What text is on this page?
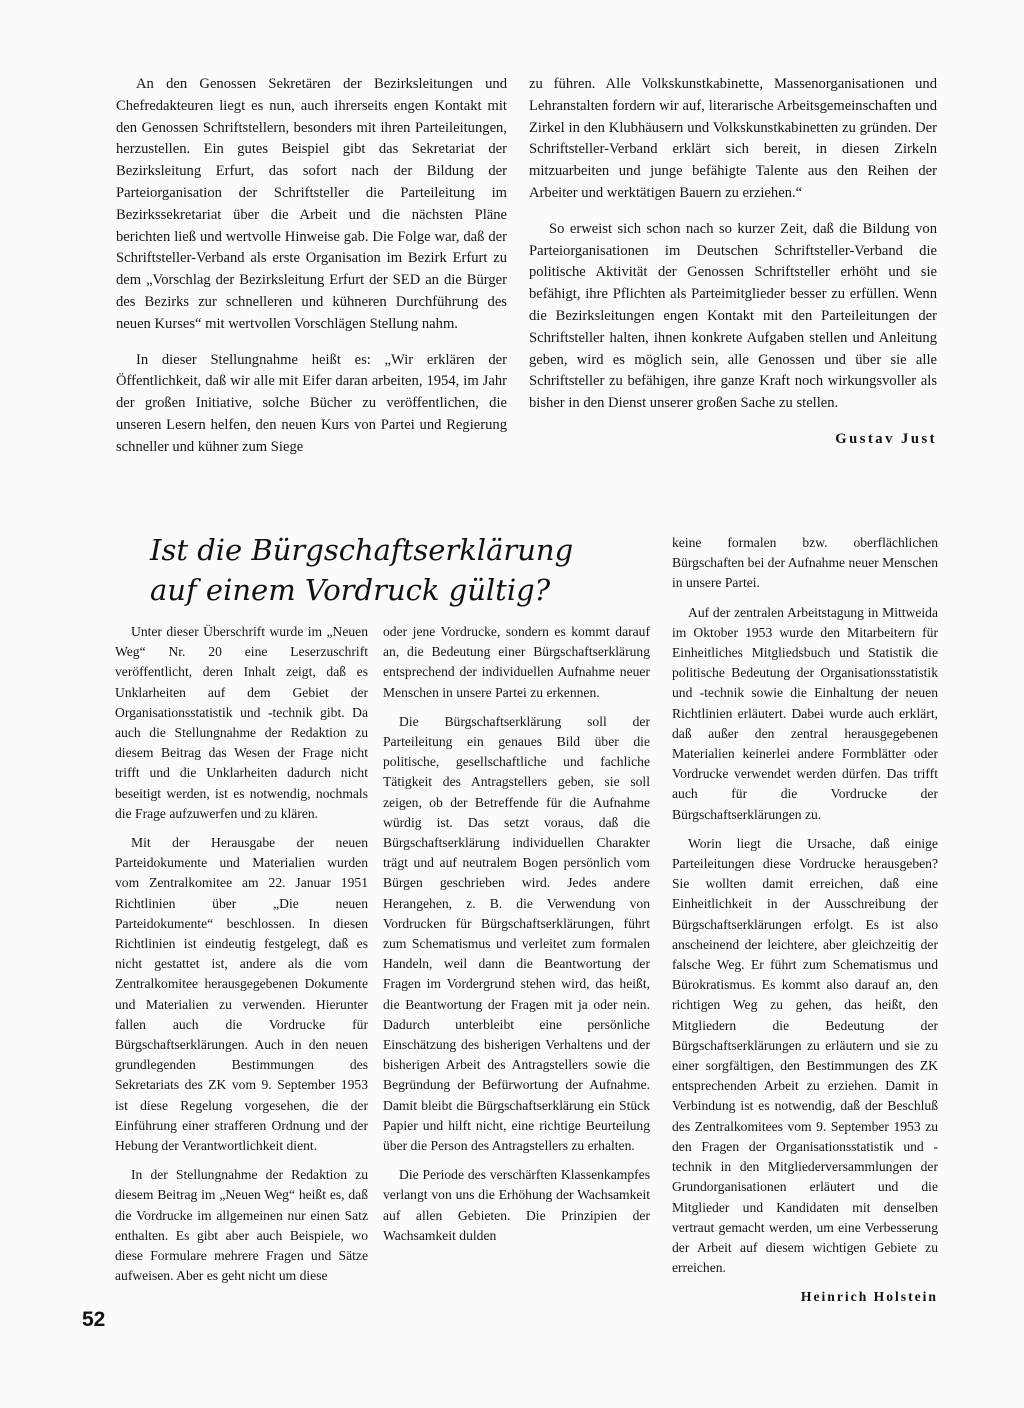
An den Genossen Sekretären der Bezirksleitungen und Chefredakteuren liegt es nun, auch ihrerseits engen Kontakt mit den Genossen Schriftstellern, besonders mit ihren Parteileitungen, herzustellen. Ein gutes Beispiel gibt das Sekretariat der Bezirksleitung Erfurt, das sofort nach der Bildung der Parteiorganisation der Schriftsteller die Parteileitung im Bezirkssekretariat über die Arbeit und die nächsten Pläne berichten ließ und wertvolle Hinweise gab. Die Folge war, daß der Schriftsteller-Verband als erste Organisation im Bezirk Erfurt zu dem „Vorschlag der Bezirksleitung Erfurt der SED an die Bürger des Bezirks zur schnelleren und kühneren Durchführung des neuen Kurses“ mit wertvollen Vorschlägen Stellung nahm.

In dieser Stellungnahme heißt es: „Wir erklären der Öffentlichkeit, daß wir alle mit Eifer daran arbeiten, 1954, im Jahr der großen Initiative, solche Bücher zu veröffentlichen, die unseren Lesern helfen, den neuen Kurs von Partei und Regierung schneller und kühner zum Siege

zu führen. Alle Volkskunstkabinette, Massenorganisationen und Lehranstalten fordern wir auf, literarische Arbeitsgemeinschaften und Zirkel in den Klubhäusern und Volkskunstkabinetten zu gründen. Der Schriftsteller-Verband erklärt sich bereit, in diesen Zirkeln mitzuarbeiten und junge befähigte Talente aus den Reihen der Arbeiter und werktätigen Bauern zu erziehen.“

So erweist sich schon nach so kurzer Zeit, daß die Bildung von Parteiorganisationen im Deutschen Schriftsteller-Verband die politische Aktivität der Genossen Schriftsteller erhöht und sie befähigt, ihre Pflichten als Parteimitglieder besser zu erfüllen. Wenn die Bezirksleitungen engen Kontakt mit den Parteileitungen der Schriftsteller halten, ihnen konkrete Aufgaben stellen und Anleitung geben, wird es möglich sein, alle Genossen und über sie alle Schriftsteller zu befähigen, ihre ganze Kraft noch wirkungsvoller als bisher in den Dienst unserer großen Sache zu stellen.

Gustav Just
Ist die Bürgschaftserklärung
auf einem Vordruck gültig?

Unter dieser Überschrift wurde im „Neuen Weg“ Nr. 20 eine Leserzuschrift veröffentlicht, deren Inhalt zeigt, daß es Unklarheiten auf dem Gebiet der Organisationsstatistik und -technik gibt. Da auch die Stellungnahme der Redaktion zu diesem Beitrag das Wesen der Frage nicht trifft und die Unklarheiten dadurch nicht beseitigt werden, ist es notwendig, nochmals die Frage aufzuwerfen und zu klären.

Mit der Herausgabe der neuen Parteidokumente und Materialien wurden vom Zentralkomitee am 22. Januar 1951 Richtlinien über „Die neuen Parteidokumente“ beschlossen. In diesen Richtlinien ist eindeutig festgelegt, daß es nicht gestattet ist, andere als die vom Zentralkomitee herausgegebenen Dokumente und Materialien zu verwenden. Hierunter fallen auch die Vordrucke für Bürgschaftserklärungen. Auch in den neuen grundlegenden Bestimmungen des Sekretariats des ZK vom 9. September 1953 ist diese Regelung vorgesehen, die der Einführung einer strafferen Ordnung und der Hebung der Verantwortlichkeit dient.

In der Stellungnahme der Redaktion zu diesem Beitrag im „Neuen Weg“ heißt es, daß die Vordrucke im allgemeinen nur einen Satz enthalten. Es gibt aber auch Beispiele, wo diese Formulare mehrere Fragen und Sätze aufweisen. Aber es geht nicht um diese

oder jene Vordrucke, sondern es kommt darauf an, die Bedeutung einer Bürgschaftserklärung entsprechend der individuellen Aufnahme neuer Menschen in unsere Partei zu erkennen.

Die Bürgschaftserklärung soll der Parteileitung ein genaues Bild über die politische, gesellschaftliche und fachliche Tätigkeit des Antragstellers geben, sie soll zeigen, ob der Betreffende für die Aufnahme würdig ist. Das setzt voraus, daß die Bürgschaftserklärung individuellen Charakter trägt und auf neutralem Bogen persönlich vom Bürgen geschrieben wird. Jedes andere Herangehen, z. B. die Verwendung von Vordrucken für Bürgschaftserklärungen, führt zum Schematismus und verleitet zum formalen Handeln, weil dann die Beantwortung der Fragen im Vordergrund stehen wird, das heißt, die Beantwortung der Fragen mit ja oder nein. Dadurch unterbleibt eine persönliche Einschätzung des bisherigen Verhaltens und der bisherigen Arbeit des Antragstellers sowie die Begründung der Befürwortung der Aufnahme. Damit bleibt die Bürgschaftserklärung ein Stück Papier und hilft nicht, eine richtige Beurteilung über die Person des Antragstellers zu erhalten.

Die Periode des verschärften Klassenkampfes verlangt von uns die Erhöhung der Wachsamkeit auf allen Gebieten. Die Prinzipien der Wachsamkeit dulden

keine formalen bzw. oberflächlichen Bürgschaften bei der Aufnahme neuer Menschen in unsere Partei.

Auf der zentralen Arbeitstagung in Mittweida im Oktober 1953 wurde den Mitarbeitern für Einheitliches Mitgliedsbuch und Statistik die politische Bedeutung der Organisationsstatistik und -technik sowie die Einhaltung der neuen Richtlinien erläutert. Dabei wurde auch erklärt, daß außer den zentral herausgegebenen Materialien keinerlei andere Formblätter oder Vordrucke verwendet werden dürfen. Das trifft auch für die Vordrucke der Bürgschaftserklärungen zu.

Worin liegt die Ursache, daß einige Parteileitungen diese Vordrucke herausgeben? Sie wollten damit erreichen, daß eine Einheitlichkeit in der Ausschreibung der Bürgschaftserklärungen erfolgt. Es ist also anscheinend der leichtere, aber gleichzeitig der falsche Weg. Er führt zum Schematismus und Bürokratismus. Es kommt also darauf an, den richtigen Weg zu gehen, das heißt, den Mitgliedern die Bedeutung der Bürgschaftserklärungen zu erläutern und sie zu einer sorgfältigen, den Bestimmungen des ZK entsprechenden Arbeit zu erziehen. Damit in Verbindung ist es notwendig, daß der Beschluß des Zentralkomitees vom 9. September 1953 zu den Fragen der Organisationsstatistik und -technik in den Mitgliederversammlungen der Grundorganisationen erläutert und die Mitglieder und Kandidaten mit denselben vertraut gemacht werden, um eine Verbesserung der Arbeit auf diesem wichtigen Gebiete zu erreichen.

Heinrich Holstein
52
